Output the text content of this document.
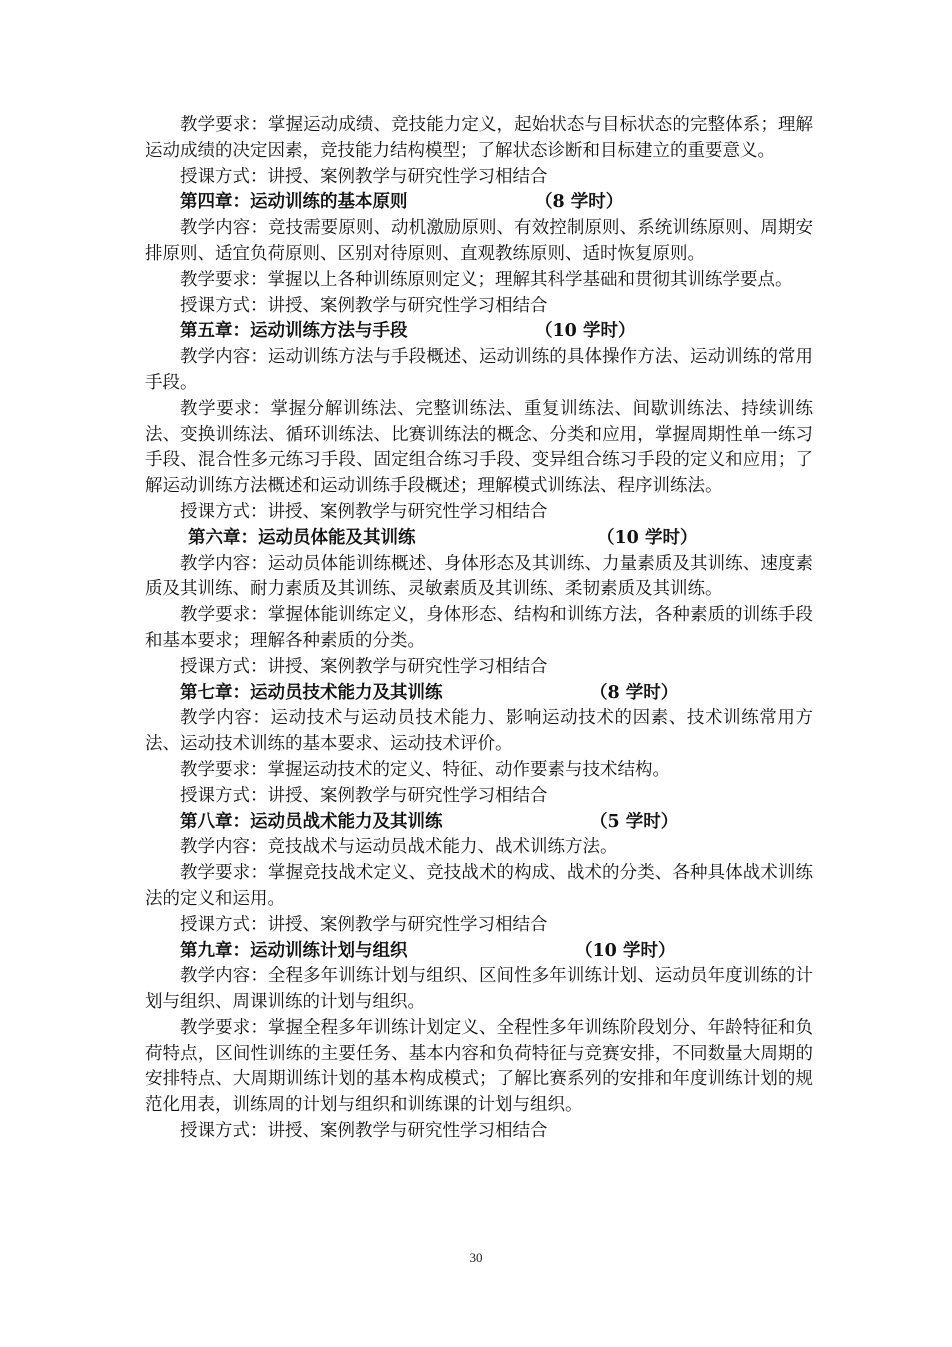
教学要求：掌握运动成绩、竞技能力定义，起始状态与目标状态的完整体系；理解运动成绩的决定因素，竞技能力结构模型；了解状态诊断和目标建立的重要意义。

授课方式：讲授、案例教学与研究性学习相结合

第四章：运动训练的基本原则	（8 学时）

教学内容：竞技需要原则、动机激励原则、有效控制原则、系统训练原则、周期安排原则、适宜负荷原则、区别对待原则、直观教练原则、适时恢复原则。

教学要求：掌握以上各种训练原则定义；理解其科学基础和贯彻其训练学要点。

授课方式：讲授、案例教学与研究性学习相结合

第五章：运动训练方法与手段	（10 学时）

教学内容：运动训练方法与手段概述、运动训练的具体操作方法、运动训练的常用手段。

教学要求：掌握分解训练法、完整训练法、重复训练法、间歇训练法、持续训练法、变换训练法、循环训练法、比赛训练法的概念、分类和应用，掌握周期性单一练习手段、混合性多元练习手段、固定组合练习手段、变异组合练习手段的定义和应用；了解运动训练方法概述和运动训练手段概述；理解模式训练法、程序训练法。

授课方式：讲授、案例教学与研究性学习相结合

第六章：运动员体能及其训练	（10 学时）

教学内容：运动员体能训练概述、身体形态及其训练、力量素质及其训练、速度素质及其训练、耐力素质及其训练、灵敏素质及其训练、柔韧素质及其训练。

教学要求：掌握体能训练定义，身体形态、结构和训练方法，各种素质的训练手段和基本要求；理解各种素质的分类。

授课方式：讲授、案例教学与研究性学习相结合

第七章：运动员技术能力及其训练	（8 学时）

教学内容：运动技术与运动员技术能力、影响运动技术的因素、技术训练常用方法、运动技术训练的基本要求、运动技术评价。

教学要求：掌握运动技术的定义、特征、动作要素与技术结构。

授课方式：讲授、案例教学与研究性学习相结合

第八章：运动员战术能力及其训练	（5 学时）

教学内容：竞技战术与运动员战术能力、战术训练方法。

教学要求：掌握竞技战术定义、竞技战术的构成、战术的分类、各种具体战术训练法的定义和运用。

授课方式：讲授、案例教学与研究性学习相结合

第九章：运动训练计划与组织	（10 学时）

教学内容：全程多年训练计划与组织、区间性多年训练计划、运动员年度训练的计划与组织、周课训练的计划与组织。

教学要求：掌握全程多年训练计划定义、全程性多年训练阶段划分、年龄特征和负荷特点，区间性训练的主要任务、基本内容和负荷特征与竞赛安排，不同数量大周期的安排特点、大周期训练计划的基本构成模式；了解比赛系列的安排和年度训练计划的规范化用表，训练周的计划与组织和训练课的计划与组织。

授课方式：讲授、案例教学与研究性学习相结合

30
